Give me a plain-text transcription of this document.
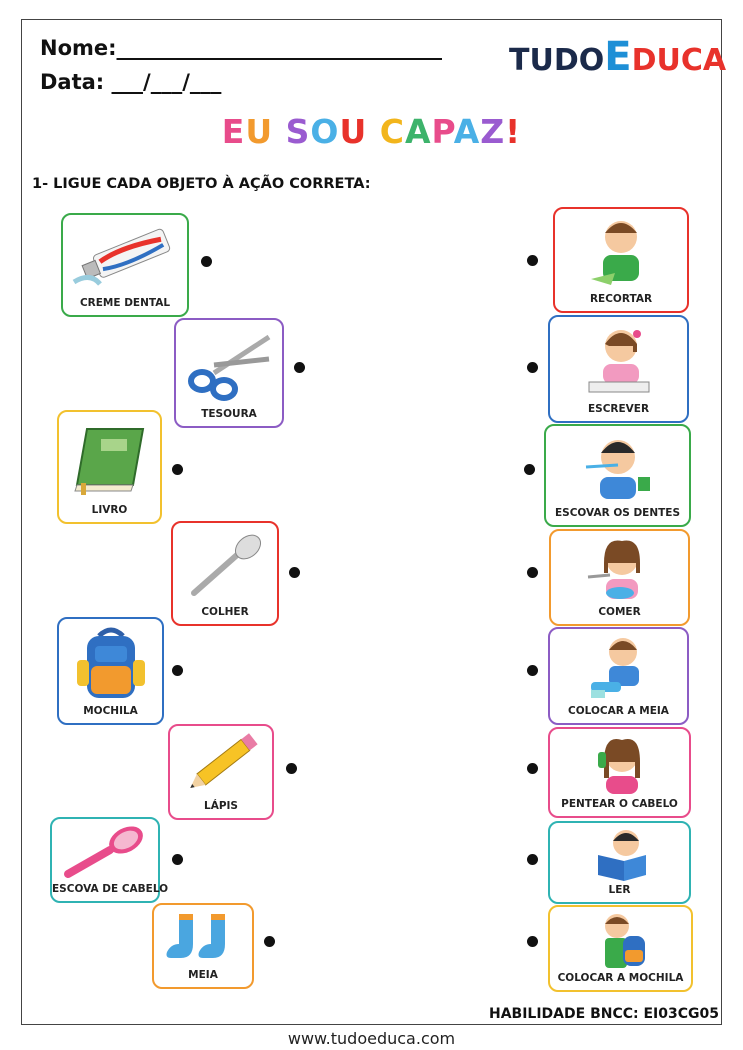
Nome:_______________________________
Data: ___/___/___
TUDOEDUCA
EU SOU CAPAZ!
1- LIGUE CADA OBJETO À AÇÃO CORRETA:
CREME DENTAL
TESOURA
LIVRO
COLHER
MOCHILA
LÁPIS
ESCOVA DE CABELO
MEIA
RECORTAR
ESCREVER
ESCOVAR OS DENTES
COMER
COLOCAR A MEIA
PENTEAR O CABELO
LER
COLOCAR A MOCHILA
HABILIDADE BNCC: EI03CG05
www.tudoeduca.com
